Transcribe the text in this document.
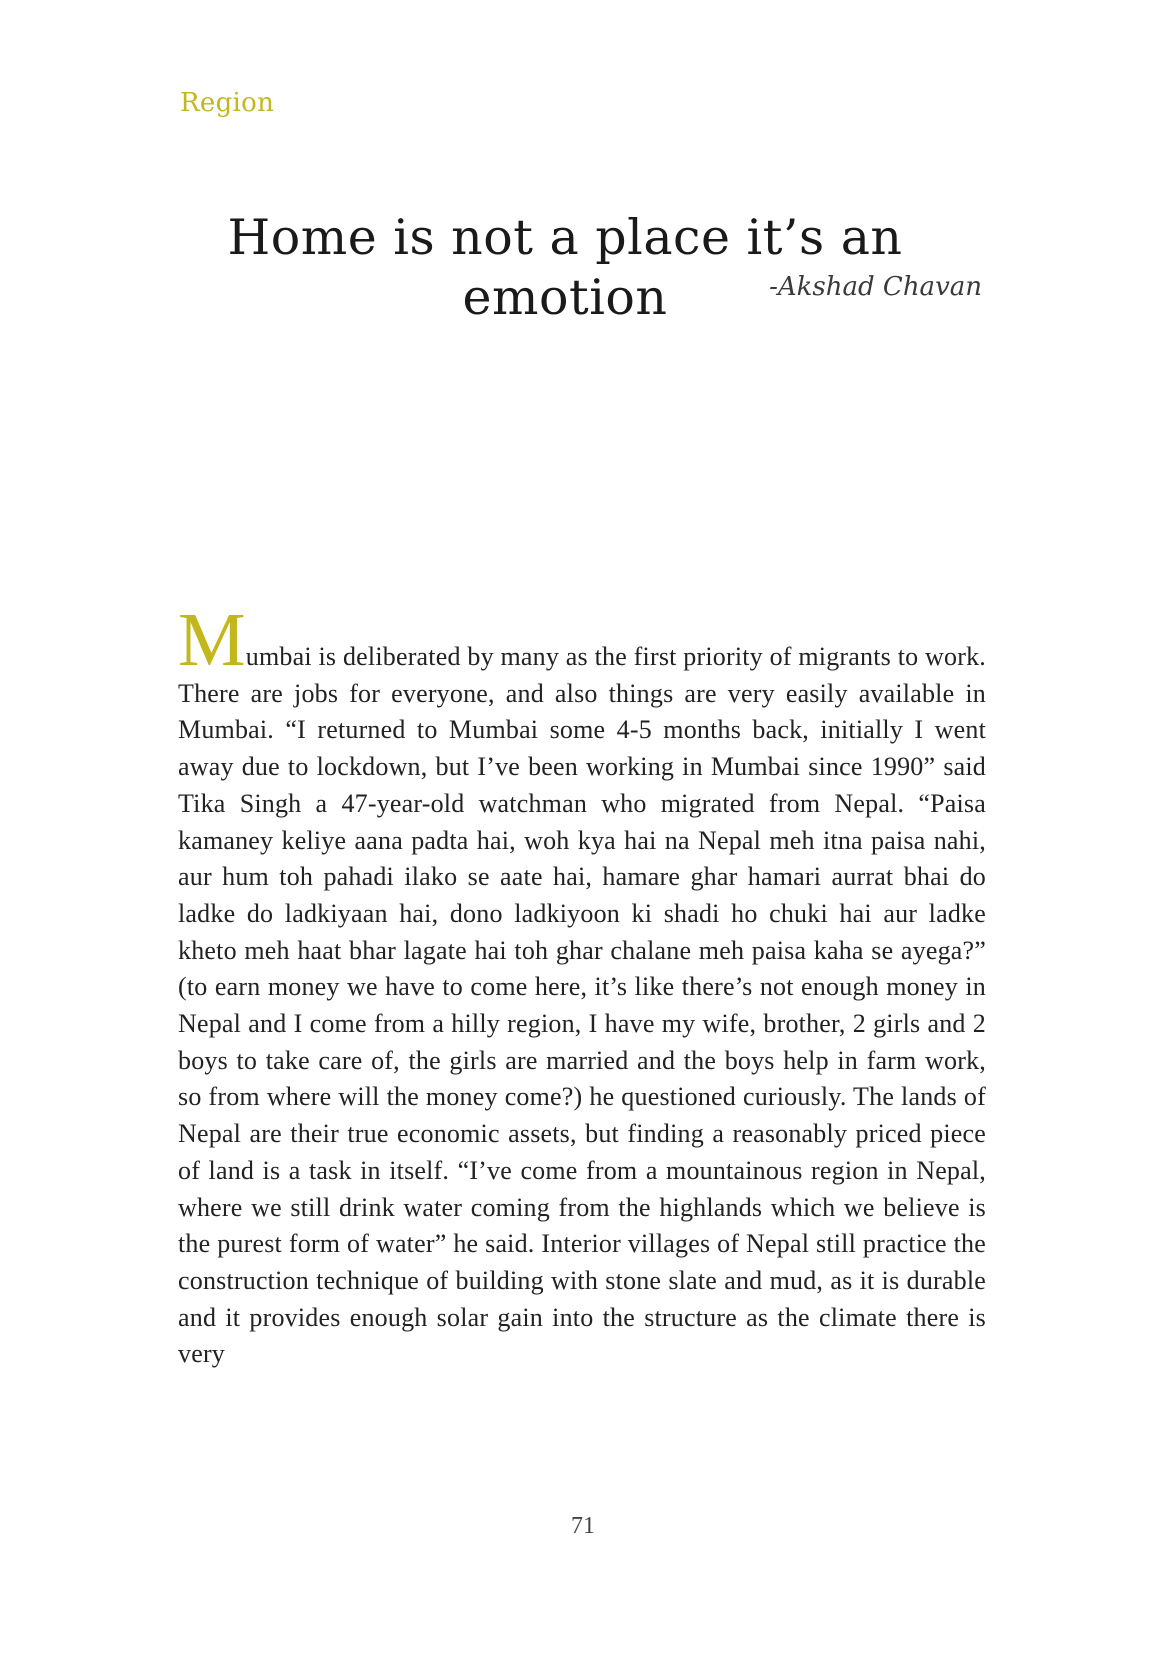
Region
Home is not a place it’s an emotion	-Akshad Chavan

Mumbai is deliberated by many as the first priority of migrants to work. There are jobs for everyone, and also things are very easily available in Mumbai. “I returned to Mumbai some 4-5 months back, initially I went away due to lockdown, but I’ve been working in Mumbai since 1990” said Tika Singh a 47-year-old watchman who migrated from Nepal. “Paisa kamaney keliye aana padta hai, woh kya hai na Nepal meh itna paisa nahi, aur hum toh pahadi ilako se aate hai, hamare ghar hamari aurrat bhai do ladke do ladkiyaan hai, dono ladkiyoon ki shadi ho chuki hai aur ladke kheto meh haat bhar lagate hai toh ghar chalane meh paisa kaha se ayega?” (to earn money we have to come here, it’s like there’s not enough money in Nepal and I come from a hilly region, I have my wife, brother, 2 girls and 2 boys to take care of, the girls are married and the boys help in farm work, so from where will the money come?) he questioned curiously. The lands of Nepal are their true economic assets, but finding a reasonably priced piece of land is a task in itself. “I’ve come from a mountainous region in Nepal, where we still drink water coming from the highlands which we believe is the purest form of water” he said. Interior villages of Nepal still practice the construction technique of building with stone slate and mud, as it is durable and it provides enough solar gain into the structure as the climate there is very

71
